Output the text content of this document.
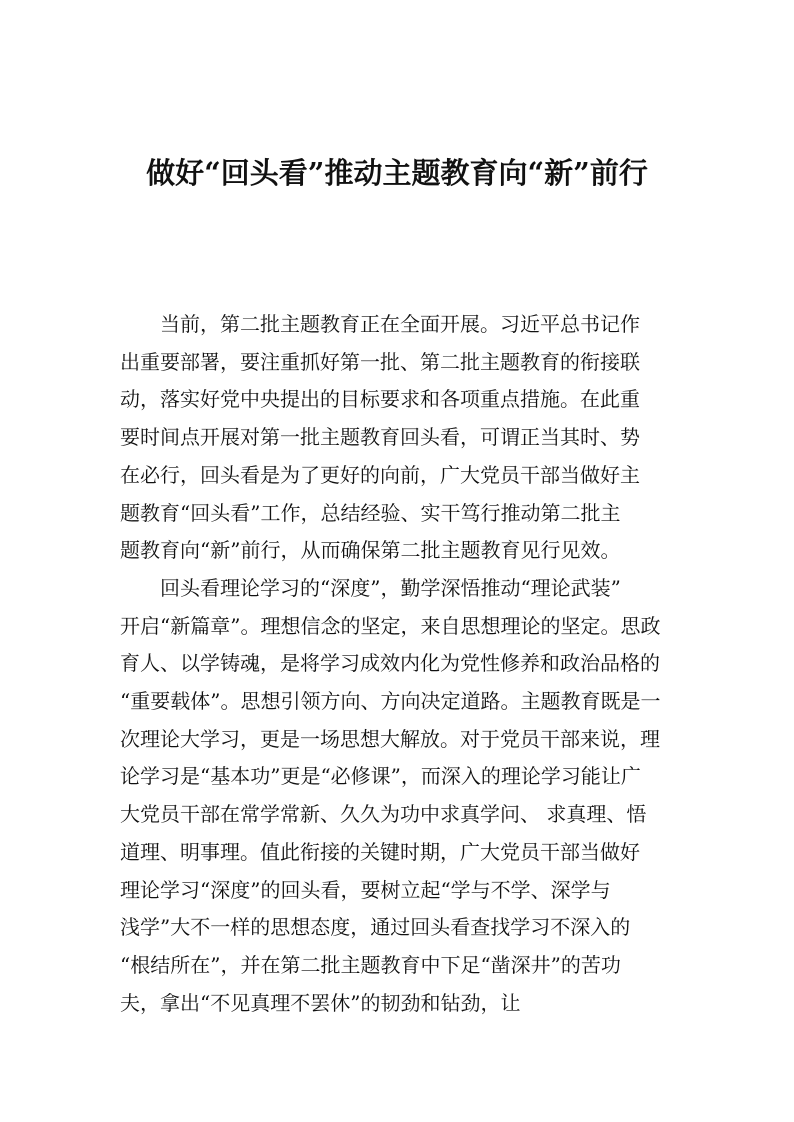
做好“回头看”推动主题教育向“新”前行

当前，第二批主题教育正在全面开展。习近平总书记作
出重要部署，要注重抓好第一批、第二批主题教育的衔接联
动，落实好党中央提出的目标要求和各项重点措施。在此重
要时间点开展对第一批主题教育回头看，可谓正当其时、势
在必行，回头看是为了更好的向前，广大党员干部当做好主
题教育“回头看”工作，总结经验、实干笃行推动第二批主
题教育向“新”前行，从而确保第二批主题教育见行见效。

回头看理论学习的“深度”，勤学深悟推动“理论武装”
开启“新篇章”。理想信念的坚定，来自思想理论的坚定。思政
育人、以学铸魂，是将学习成效内化为党性修养和政治品格的
“重要载体”。思想引领方向、方向决定道路。主题教育既是一
次理论大学习，更是一场思想大解放。对于党员干部来说，理
论学习是“基本功”更是“必修课”，而深入的理论学习能让广
大党员干部在常学常新、久久为功中求真学问、 求真理、悟
道理、明事理。值此衔接的关键时期，广大党员干部当做好
理论学习“深度”的回头看，要树立起“学与不学、深学与
浅学”大不一样的思想态度，通过回头看查找学习不深入的
“根结所在”，并在第二批主题教育中下足“凿深井”的苦功
夫，拿出“不见真理不罢休”的韧劲和钻劲，让
